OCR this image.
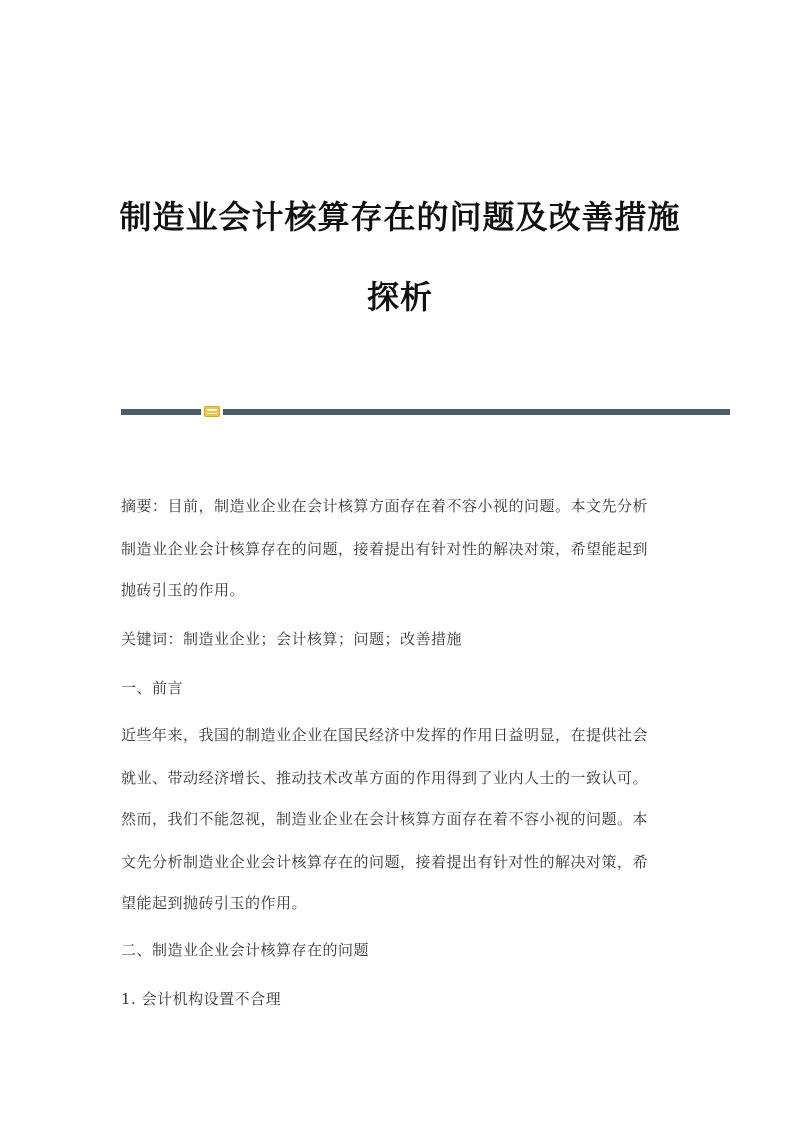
制造业会计核算存在的问题及改善措施
探析
摘要：目前，制造业企业在会计核算方面存在着不容小视的问题。本文先分析
制造业企业会计核算存在的问题，接着提出有针对性的解决对策，希望能起到
抛砖引玉的作用。
关键词：制造业企业；会计核算；问题；改善措施
一、前言
近些年来，我国的制造业企业在国民经济中发挥的作用日益明显，在提供社会
就业、带动经济增长、推动技术改革方面的作用得到了业内人士的一致认可。
然而，我们不能忽视，制造业企业在会计核算方面存在着不容小视的问题。本
文先分析制造业企业会计核算存在的问题，接着提出有针对性的解决对策，希
望能起到抛砖引玉的作用。
二、制造业企业会计核算存在的问题
1. 会计机构设置不合理
